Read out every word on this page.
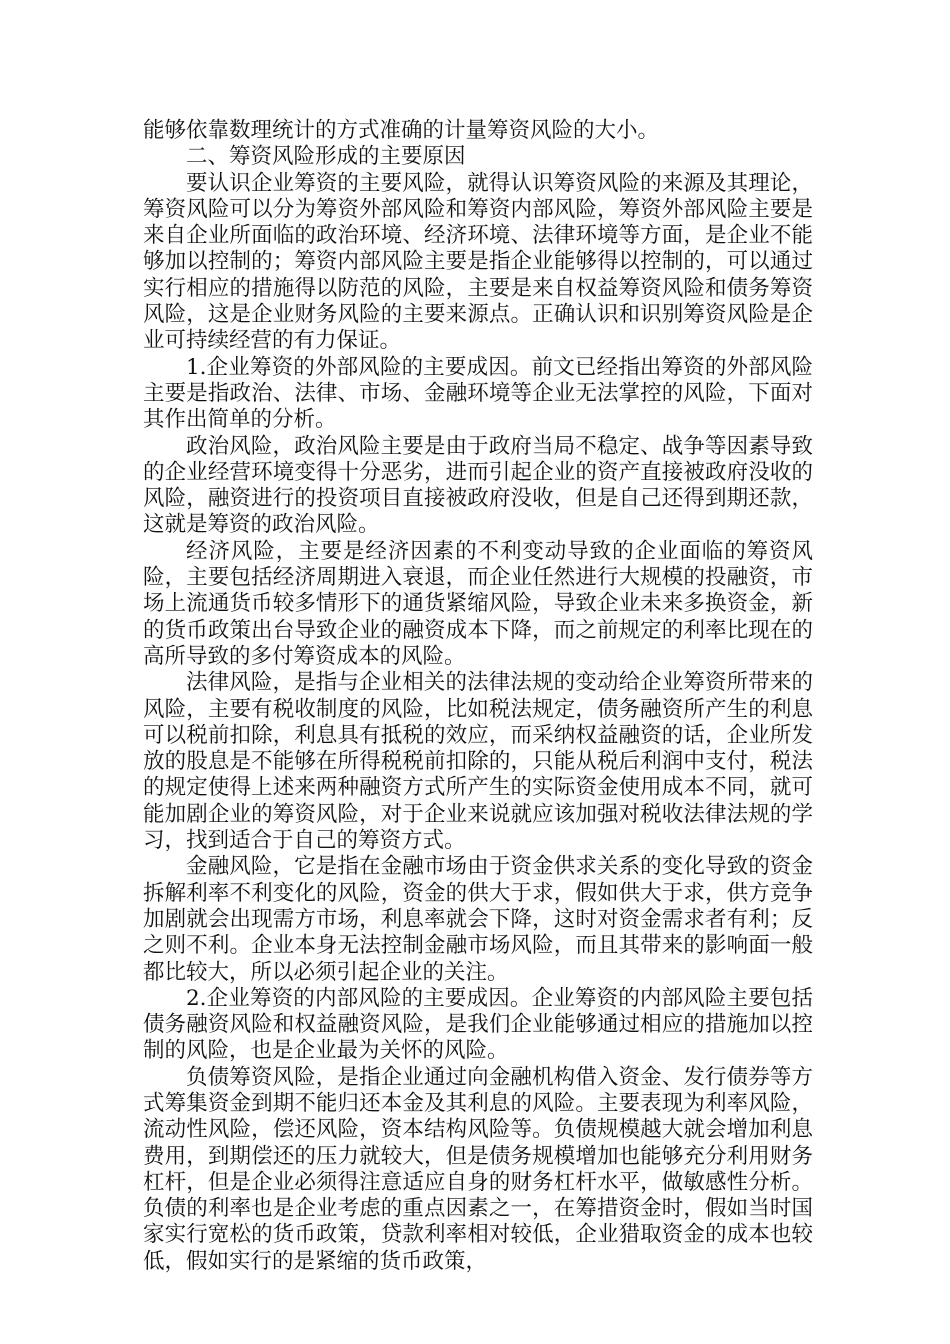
能够依靠数理统计的方式准确的计量筹资风险的大小。

二、筹资风险形成的主要原因

要认识企业筹资的主要风险，就得认识筹资风险的来源及其理论，筹资风险可以分为筹资外部风险和筹资内部风险，筹资外部风险主要是来自企业所面临的政治环境、经济环境、法律环境等方面，是企业不能够加以控制的；筹资内部风险主要是指企业能够得以控制的，可以通过实行相应的措施得以防范的风险，主要是来自权益筹资风险和债务筹资风险，这是企业财务风险的主要来源点。正确认识和识别筹资风险是企业可持续经营的有力保证。

1.企业筹资的外部风险的主要成因。前文已经指出筹资的外部风险主要是指政治、法律、市场、金融环境等企业无法掌控的风险，下面对其作出简单的分析。

政治风险，政治风险主要是由于政府当局不稳定、战争等因素导致的企业经营环境变得十分恶劣，进而引起企业的资产直接被政府没收的风险，融资进行的投资项目直接被政府没收，但是自己还得到期还款，这就是筹资的政治风险。

经济风险，主要是经济因素的不利变动导致的企业面临的筹资风险，主要包括经济周期进入衰退，而企业任然进行大规模的投融资，市场上流通货币较多情形下的通货紧缩风险，导致企业未来多换资金，新的货币政策出台导致企业的融资成本下降，而之前规定的利率比现在的高所导致的多付筹资成本的风险。

法律风险，是指与企业相关的法律法规的变动给企业筹资所带来的风险，主要有税收制度的风险，比如税法规定，债务融资所产生的利息可以税前扣除，利息具有抵税的效应，而采纳权益融资的话，企业所发放的股息是不能够在所得税税前扣除的，只能从税后利润中支付，税法的规定使得上述来两种融资方式所产生的实际资金使用成本不同，就可能加剧企业的筹资风险，对于企业来说就应该加强对税收法律法规的学习，找到适合于自己的筹资方式。

金融风险，它是指在金融市场由于资金供求关系的变化导致的资金拆解利率不利变化的风险，资金的供大于求，假如供大于求，供方竞争加剧就会出现需方市场，利息率就会下降，这时对资金需求者有利；反之则不利。企业本身无法控制金融市场风险，而且其带来的影响面一般都比较大，所以必须引起企业的关注。

2.企业筹资的内部风险的主要成因。企业筹资的内部风险主要包括债务融资风险和权益融资风险，是我们企业能够通过相应的措施加以控制的风险，也是企业最为关怀的风险。

负债筹资风险，是指企业通过向金融机构借入资金、发行债券等方式筹集资金到期不能归还本金及其利息的风险。主要表现为利率风险，流动性风险，偿还风险，资本结构风险等。负债规模越大就会增加利息费用，到期偿还的压力就较大，但是债务规模增加也能够充分利用财务杠杆，但是企业必须得注意适应自身的财务杠杆水平，做敏感性分析。负债的利率也是企业考虑的重点因素之一，在筹措资金时，假如当时国家实行宽松的货币政策，贷款利率相对较低，企业猎取资金的成本也较低，假如实行的是紧缩的货币政策，
